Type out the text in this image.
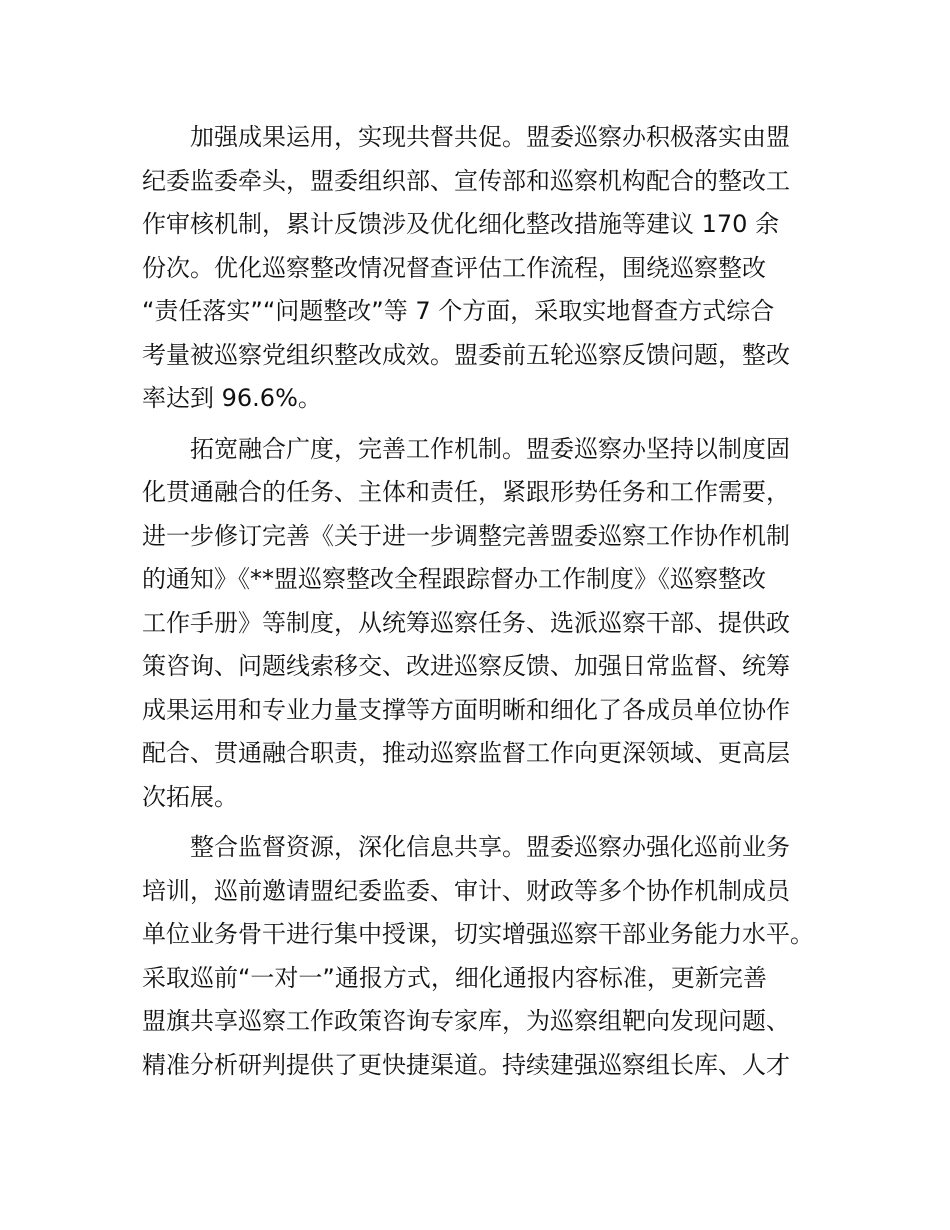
加强成果运用，实现共督共促。盟委巡察办积极落实由盟
纪委监委牵头，盟委组织部、宣传部和巡察机构配合的整改工
作审核机制，累计反馈涉及优化细化整改措施等建议 170 余
份次。优化巡察整改情况督查评估工作流程，围绕巡察整改
“责任落实”“问题整改”等 7 个方面，采取实地督查方式综合
考量被巡察党组织整改成效。盟委前五轮巡察反馈问题，整改
率达到 96.6%。
拓宽融合广度，完善工作机制。盟委巡察办坚持以制度固
化贯通融合的任务、主体和责任，紧跟形势任务和工作需要，
进一步修订完善《关于进一步调整完善盟委巡察工作协作机制
的通知》《**盟巡察整改全程跟踪督办工作制度》《巡察整改
工作手册》等制度，从统筹巡察任务、选派巡察干部、提供政
策咨询、问题线索移交、改进巡察反馈、加强日常监督、统筹
成果运用和专业力量支撑等方面明晰和细化了各成员单位协作
配合、贯通融合职责，推动巡察监督工作向更深领域、更高层
次拓展。
整合监督资源，深化信息共享。盟委巡察办强化巡前业务
培训，巡前邀请盟纪委监委、审计、财政等多个协作机制成员
单位业务骨干进行集中授课，切实增强巡察干部业务能力水平。
采取巡前“一对一”通报方式，细化通报内容标准，更新完善
盟旗共享巡察工作政策咨询专家库，为巡察组靶向发现问题、
精准分析研判提供了更快捷渠道。持续建强巡察组长库、人才
